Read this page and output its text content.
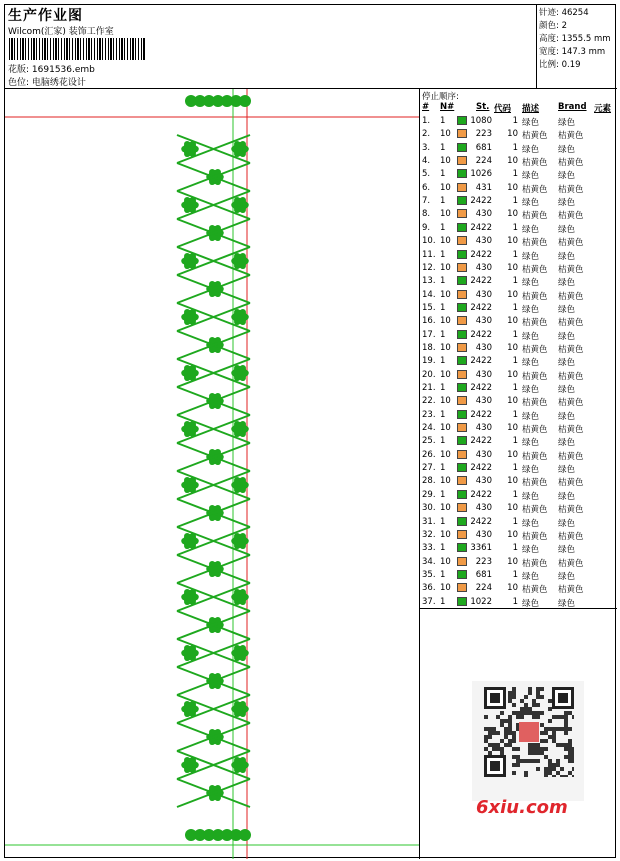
生产作业图
Wilcom(汇家) 装饰工作室
花版: 1691536.emb
色位: 电脑绣花设计
针迹: 46254
颜色: 2
高度: 1355.5 mm
宽度: 147.3 mm
比例: 0.19
停止顺序:
# N#	St. 代码 描述 Brand 元素
1. 1	1080	1 绿色 绿色
2. 10	223 10 桔黄色 桔黄色
3. 1	681	1 绿色 绿色
4. 10	224 10 桔黄色 桔黄色
5. 1	1026	1 绿色 绿色
6. 10	431 10 桔黄色 桔黄色
7. 1	2422	1 绿色 绿色
8. 10	430 10 桔黄色 桔黄色
9. 1	2422	1 绿色 绿色
10. 10	430 10 桔黄色 桔黄色
11. 1	2422	1 绿色 绿色
12. 10	430 10 桔黄色 桔黄色
13. 1	2422	1 绿色 绿色
14. 10	430 10 桔黄色 桔黄色
15. 1	2422	1 绿色 绿色
16. 10	430 10 桔黄色 桔黄色
17. 1	2422	1 绿色 绿色
18. 10	430 10 桔黄色 桔黄色
19. 1	2422	1 绿色 绿色
20. 10	430 10 桔黄色 桔黄色
21. 1	2422	1 绿色 绿色
22. 10	430 10 桔黄色 桔黄色
23. 1	2422	1 绿色 绿色
24. 10	430 10 桔黄色 桔黄色
25. 1	2422	1 绿色 绿色
26. 10	430 10 桔黄色 桔黄色
27. 1	2422	1 绿色 绿色
28. 10	430 10 桔黄色 桔黄色
29. 1	2422	1 绿色 绿色
30. 10	430 10 桔黄色 桔黄色
31. 1	2422	1 绿色 绿色
32. 10	430 10 桔黄色 桔黄色
33. 1	3361	1 绿色 绿色
34. 10	223 10 桔黄色 桔黄色
35. 1	681	1 绿色 绿色
36. 10	224 10 桔黄色 桔黄色
37. 1	1022	1 绿色 绿色
6xiu.com
